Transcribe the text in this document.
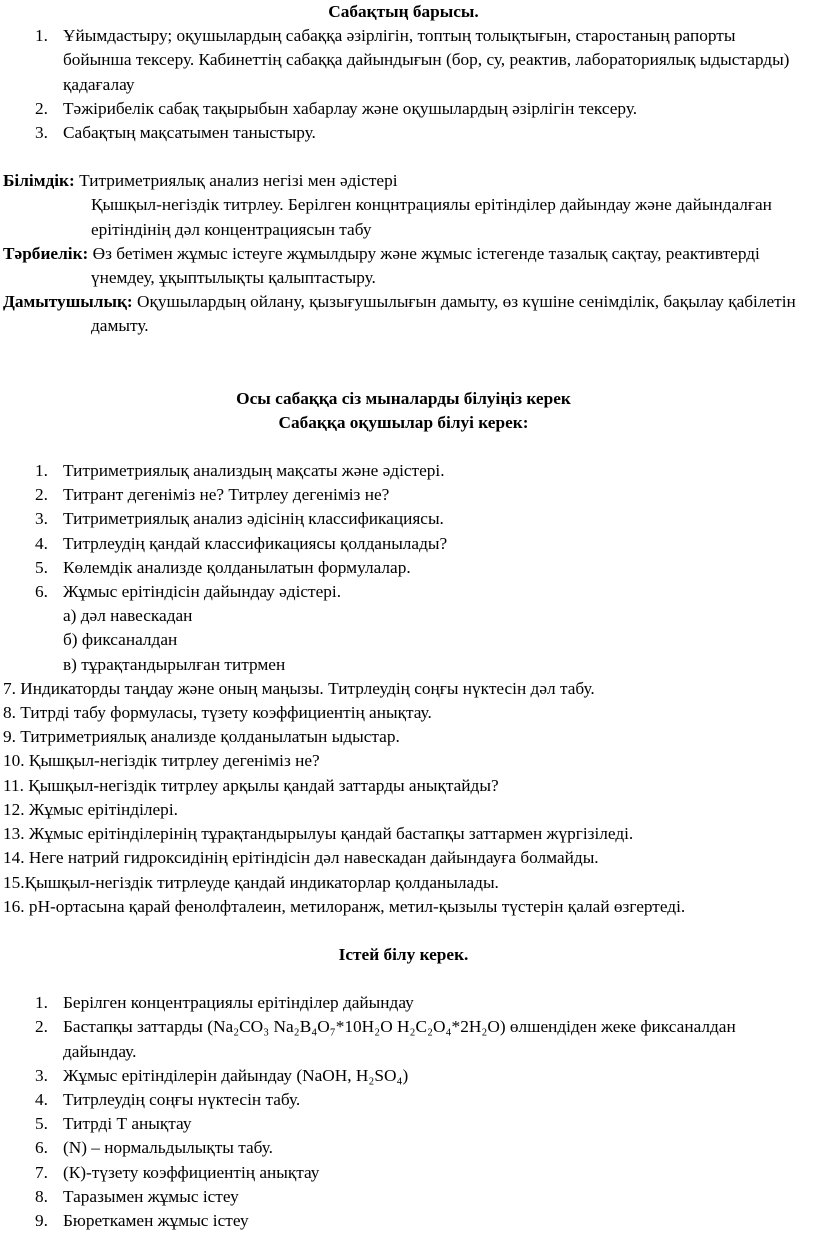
Сабақтың барысы.
1. Ұйымдастыру; оқушылардың сабаққа әзірлігін, топтың толықтығын, старостаның рапорты бойынша тексеру. Кабинеттің сабаққа дайындығын (бор, су, реактив, лабораториялық ыдыстарды) қадағалау
2. Тәжірибелік сабақ тақырыбын хабарлау және оқушылардың әзірлігін тексеру.
3. Сабақтың мақсатымен таныстыру.
Білімдік: Титриметриялық анализ негізі мен әдістері
Қышқыл-негіздік титрлеу. Берілген концнтрациялы ерітінділер дайындау және дайындалған ерітіндінің дәл концентрациясын табу
Тәрбиелік: Өз бетімен жұмыс істеуге жұмылдыру және жұмыс істегенде тазалық сақтау, реактивтерді үнемдеу, ұқыптылықты қалыптастыру.
Дамытушылық: Оқушылардың ойлану, қызығушылығын дамыту, өз күшіне сенімділік, бақылау қабілетін дамыту.
Осы сабаққа сіз мыналарды білуіңіз керек
Сабаққа оқушылар білуі керек:
1. Титриметриялық анализдың мақсаты және әдістері.
2. Титрант дегеніміз не? Титрлеу дегеніміз не?
3. Титриметриялық анализ әдісінің классификациясы.
4. Титрлеудің қандай классификациясы қолданылады?
5. Көлемдік анализде қолданылатын формулалар.
6. Жұмыс ерітіндісін дайындау әдістері.
а) дәл навескадан
б) фиксаналдан
в) тұрақтандырылған титрмен
7. Индикаторды таңдау және оның маңызы. Титрлеудің соңғы нүктесін дәл табу.
8. Титрді табу формуласы, түзету коэффициентің анықтау.
9. Титриметриялық анализде қолданылатын ыдыстар.
10. Қышқыл-негіздік титрлеу дегеніміз не?
11. Қышқыл-негіздік титрлеу арқылы қандай заттарды анықтайды?
12. Жұмыс ерітінділері.
13. Жұмыс ерітінділерінің тұрақтандырылуы қандай бастапқы заттармен жүргізіледі.
14. Неге натрий гидроксидінің ерітіндісін дәл навескадан дайындауға болмайды.
15.Қышқыл-негіздік титрлеуде қандай индикаторлар қолданылады.
16. рН-ортасына қарай фенолфталеин, метилоранж, метил-қызылы түстерін қалай өзгертеді.
Істей білу керек.
1. Берілген концентрациялы ерітінділер дайындау
2. Бастапқы заттарды (Na₂CO₃ Na₂B₄O₇*10H₂O H₂C₂O₄*2H₂O) өлшендіден жеке фиксаналдан дайындау.
3. Жұмыс ерітінділерін дайындау (NaOH, H₂SO₄)
4. Титрлеудің соңғы нүктесін табу.
5. Титрді Т анықтау
6. (N) – нормальдылықты табу.
7. (К)-түзету коэффициентің анықтау
8. Таразымен жұмыс істеу
9. Бюреткамен жұмыс істеу
